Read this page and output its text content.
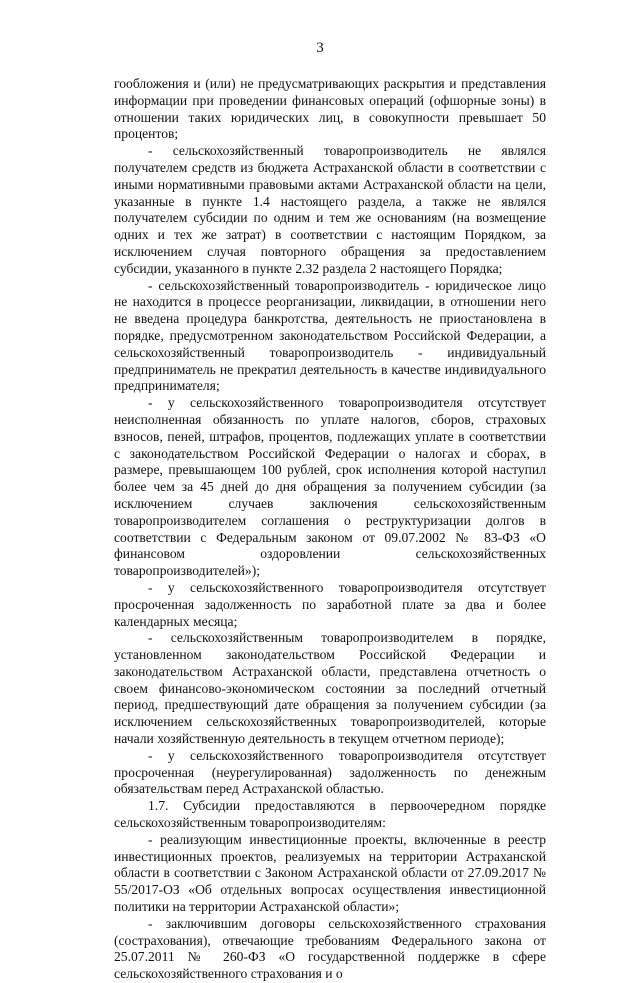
3

гообложения и (или) не предусматривающих раскрытия и представления информации при проведении финансовых операций (офшорные зоны) в отношении таких юридических лиц, в совокупности превышает 50 процентов;

- сельскохозяйственный товаропроизводитель не являлся получателем средств из бюджета Астраханской области в соответствии с иными нормативными правовыми актами Астраханской области на цели, указанные в пункте 1.4 настоящего раздела, а также не являлся получателем субсидии по одним и тем же основаниям (на возмещение одних и тех же затрат) в соответствии с настоящим Порядком, за исключением случая повторного обращения за предоставлением субсидии, указанного в пункте 2.32 раздела 2 настоящего Порядка;

- сельскохозяйственный товаропроизводитель - юридическое лицо не находится в процессе реорганизации, ликвидации, в отношении него не введена процедура банкротства, деятельность не приостановлена в порядке, предусмотренном законодательством Российской Федерации, а сельскохозяйственный товаропроизводитель - индивидуальный предприниматель не прекратил деятельность в качестве индивидуального предпринимателя;

- у сельскохозяйственного товаропроизводителя отсутствует неисполненная обязанность по уплате налогов, сборов, страховых взносов, пеней, штрафов, процентов, подлежащих уплате в соответствии с законодательством Российской Федерации о налогах и сборах, в размере, превышающем 100 рублей, срок исполнения которой наступил более чем за 45 дней до дня обращения за получением субсидии (за исключением случаев заключения сельскохозяйственным товаропроизводителем соглашения о реструктуризации долгов в соответствии с Федеральным законом от 09.07.2002 № 83-ФЗ «О финансовом оздоровлении сельскохозяйственных товаропроизводителей»);

- у сельскохозяйственного товаропроизводителя отсутствует просроченная задолженность по заработной плате за два и более календарных месяца;

- сельскохозяйственным товаропроизводителем в порядке, установленном законодательством Российской Федерации и законодательством Астраханской области, представлена отчетность о своем финансово-экономическом состоянии за последний отчетный период, предшествующий дате обращения за получением субсидии (за исключением сельскохозяйственных товаропроизводителей, которые начали хозяйственную деятельность в текущем отчетном периоде);

- у сельскохозяйственного товаропроизводителя отсутствует просроченная (неурегулированная) задолженность по денежным обязательствам перед Астраханской областью.

1.7. Субсидии предоставляются в первоочередном порядке сельскохозяйственным товаропроизводителям:

- реализующим инвестиционные проекты, включенные в реестр инвестиционных проектов, реализуемых на территории Астраханской области в соответствии с Законом Астраханской области от 27.09.2017 № 55/2017-ОЗ «Об отдельных вопросах осуществления инвестиционной политики на территории Астраханской области»;

- заключившим договоры сельскохозяйственного страхования (сострахования), отвечающие требованиям Федерального закона от 25.07.2011 № 260-ФЗ «О государственной поддержке в сфере сельскохозяйственного страхования и о
